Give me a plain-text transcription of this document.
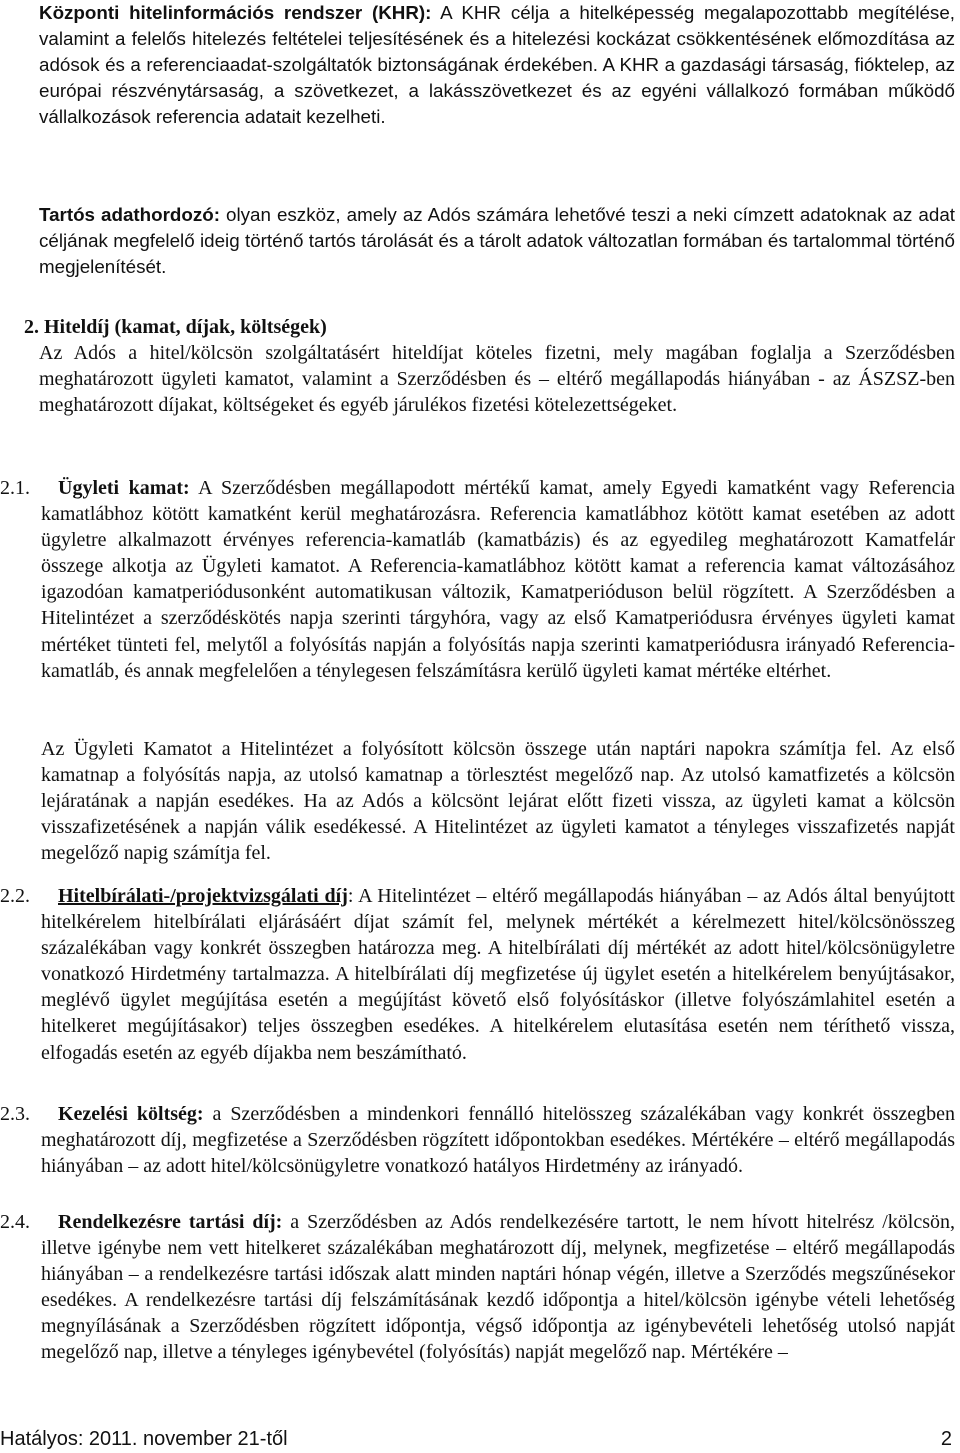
Központi hitelinformációs rendszer (KHR): A KHR célja a hitelképesség megalapozottabb megítélése, valamint a felelős hitelezés feltételei teljesítésének és a hitelezési kockázat csökkentésének előmozdítása az adósok és a referenciaadat-szolgáltatók biztonságának érdekében. A KHR a gazdasági társaság, fióktelep, az európai részvénytársaság, a szövetkezet, a lakásszövetkezet és az egyéni vállalkozó formában működő vállalkozások referencia adatait kezelheti.
Tartós adathordozó: olyan eszköz, amely az Adós számára lehetővé teszi a neki címzett adatoknak az adat céljának megfelelő ideig történő tartós tárolását és a tárolt adatok változatlan formában és tartalommal történő megjelenítését.
2. Hiteldíj (kamat, díjak, költségek)
Az Adós a hitel/kölcsön szolgáltatásért hiteldíjat köteles fizetni, mely magában foglalja a Szerződésben meghatározott ügyleti kamatot, valamint a Szerződésben és – eltérő megállapodás hiányában - az ÁSZSZ-ben meghatározott díjakat, költségeket és egyéb járulékos fizetési kötelezettségeket.
2.1.	Ügyleti kamat: A Szerződésben megállapodott mértékű kamat, amely Egyedi kamatként vagy Referencia kamatlábhoz kötött kamatként kerül meghatározásra. Referencia kamatlábhoz kötött kamat esetében az adott ügyletre alkalmazott érvényes referencia-kamatláb (kamatbázis) és az egyedileg meghatározott Kamatfelár összege alkotja az Ügyleti kamatot. A Referencia-kamatlábhoz kötött kamat a referencia kamat változásához igazodóan kamatperiódusonként automatikusan változik, Kamatperióduson belül rögzített. A Szerződésben a Hitelintézet a szerződéskötés napja szerinti tárgyhóra, vagy az első Kamatperiódusra érvényes ügyleti kamat mértéket tünteti fel, melytől a folyósítás napján a folyósítás napja szerinti kamatperiódusra irányadó Referencia-kamatláb, és annak megfelelően a ténylegesen felszámításra kerülő ügyleti kamat mértéke eltérhet.
Az Ügyleti Kamatot a Hitelintézet a folyósított kölcsön összege után naptári napokra számítja fel. Az első kamatnap a folyósítás napja, az utolsó kamatnap a törlesztést megelőző nap. Az utolsó kamatfizetés a kölcsön lejáratának a napján esedékes. Ha az Adós a kölcsönt lejárat előtt fizeti vissza, az ügyleti kamat a kölcsön visszafizetésének a napján válik esedékessé. A Hitelintézet az ügyleti kamatot a tényleges visszafizetés napját megelőző napig számítja fel.
2.2.	Hitelbírálati-/projektvizsgálati díj: A Hitelintézet – eltérő megállapodás hiányában – az Adós által benyújtott hitelkérelem hitelbírálati eljárásáért díjat számít fel, melynek mértékét a kérelmezett hitel/kölcsönösszeg százalékában vagy konkrét összegben határozza meg. A hitelbírálati díj mértékét az adott hitel/kölcsönügyletre vonatkozó Hirdetmény tartalmazza. A hitelbírálati díj megfizetése új ügylet esetén a hitelkérelem benyújtásakor, meglévő ügylet megújítása esetén a megújítást követő első folyósításkor (illetve folyószámlahitel esetén a hitelkeret megújításakor) teljes összegben esedékes. A hitelkérelem elutasítása esetén nem téríthető vissza, elfogadás esetén az egyéb díjakba nem beszámítható.
2.3.	Kezelési költség: a Szerződésben a mindenkori fennálló hitelösszeg százalékában vagy konkrét összegben meghatározott díj, megfizetése a Szerződésben rögzített időpontokban esedékes. Mértékére – eltérő megállapodás hiányában – az adott hitel/kölcsönügyletre vonatkozó hatályos Hirdetmény az irányadó.
2.4.	Rendelkezésre tartási díj: a Szerződésben az Adós rendelkezésére tartott, le nem hívott hitelrész /kölcsön, illetve igénybe nem vett hitelkeret százalékában meghatározott díj, melynek, megfizetése – eltérő megállapodás hiányában – a rendelkezésre tartási időszak alatt minden naptári hónap végén, illetve a Szerződés megszűnésekor esedékes. A rendelkezésre tartási díj felszámításának kezdő időpontja a hitel/kölcsön igénybe vételi lehetőség megnyílásának a Szerződésben rögzített időpontja, végső időpontja az igénybevételi lehetőség utolsó napját megelőző nap, illetve a tényleges igénybevétel (folyósítás) napját megelőző nap. Mértékére –
Hatályos: 2011. november 21-től	2
